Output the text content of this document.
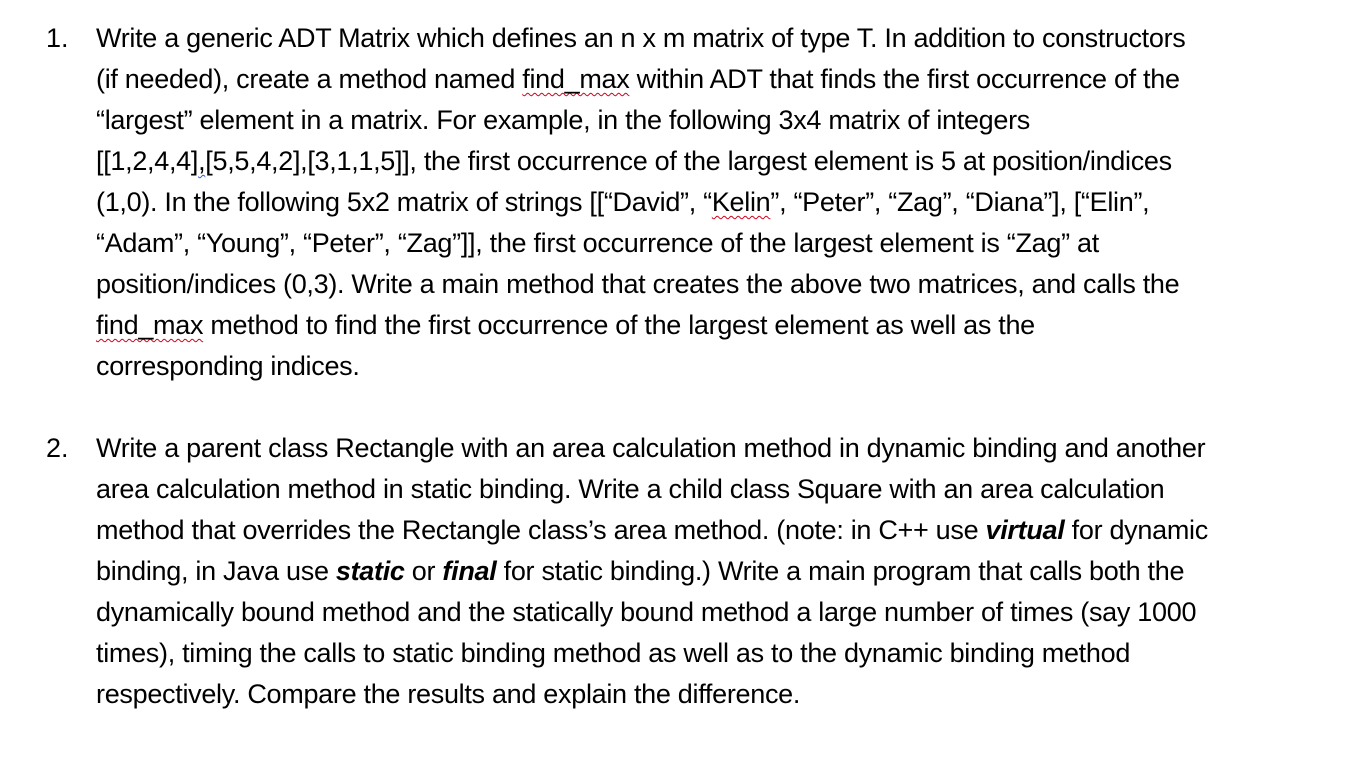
1. Write a generic ADT Matrix which defines an n x m matrix of type T. In addition to constructors
(if needed), create a method named find_max within ADT that finds the first occurrence of the
“largest” element in a matrix. For example, in the following 3x4 matrix of integers
[[1,2,4,4],[5,5,4,2],[3,1,1,5]], the first occurrence of the largest element is 5 at position/indices
(1,0). In the following 5x2 matrix of strings [[“David”, “Kelin”, “Peter”, “Zag”, “Diana”], [“Elin”,
“Adam”, “Young”, “Peter”, “Zag”]], the first occurrence of the largest element is “Zag” at
position/indices (0,3). Write a main method that creates the above two matrices, and calls the
find_max method to find the first occurrence of the largest element as well as the
corresponding indices.
2. Write a parent class Rectangle with an area calculation method in dynamic binding and another
area calculation method in static binding. Write a child class Square with an area calculation
method that overrides the Rectangle class’s area method. (note: in C++ use virtual for dynamic
binding, in Java use static or final for static binding.) Write a main program that calls both the
dynamically bound method and the statically bound method a large number of times (say 1000
times), timing the calls to static binding method as well as to the dynamic binding method
respectively. Compare the results and explain the difference.
